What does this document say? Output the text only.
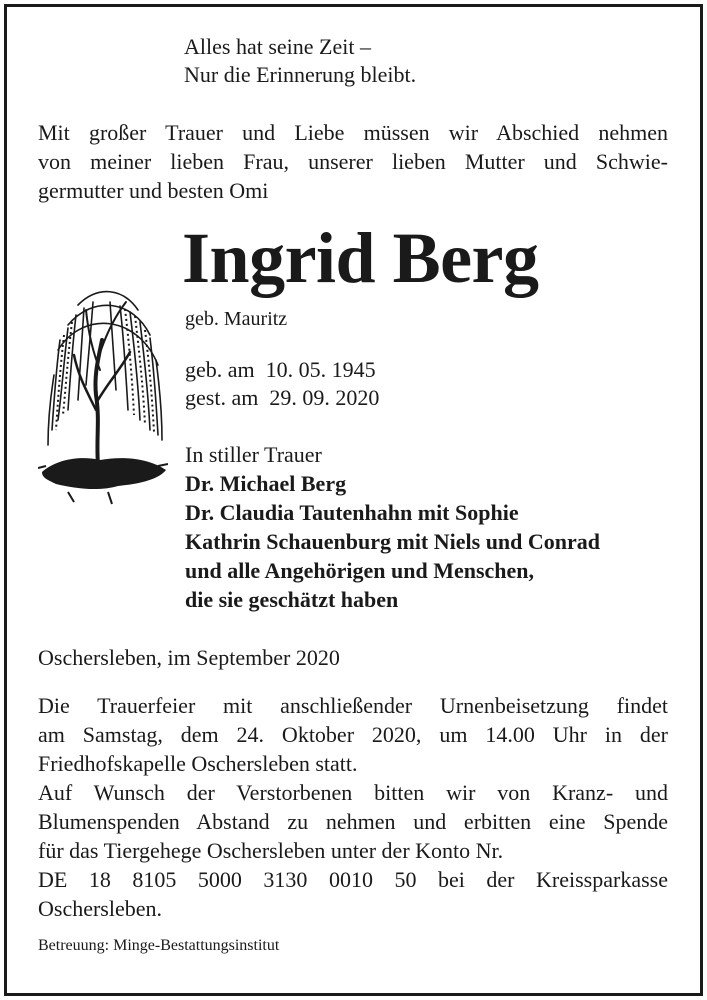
Alles hat seine Zeit –
Nur die Erinnerung bleibt.
Mit großer Trauer und Liebe müssen wir Abschied nehmen
von meiner lieben Frau, unserer lieben Mutter und Schwie-
germutter und besten Omi
Ingrid Berg
geb. Mauritz
geb. am  10. 05. 1945
gest. am  29. 09. 2020
In stiller Trauer
Dr. Michael Berg
Dr. Claudia Tautenhahn mit Sophie
Kathrin Schauenburg mit Niels und Conrad
und alle Angehörigen und Menschen,
die sie geschätzt haben
Oschersleben, im September 2020
Die Trauerfeier mit anschließender Urnenbeisetzung findet
am Samstag, dem 24. Oktober 2020, um 14.00 Uhr in der
Friedhofskapelle Oschersleben statt.
Auf Wunsch der Verstorbenen bitten wir von Kranz- und
Blumenspenden Abstand zu nehmen und erbitten eine Spende
für das Tiergehege Oschersleben unter der Konto Nr.
DE 18 8105 5000 3130 0010 50 bei der Kreissparkasse
Oschersleben.
Betreuung: Minge-Bestattungsinstitut
